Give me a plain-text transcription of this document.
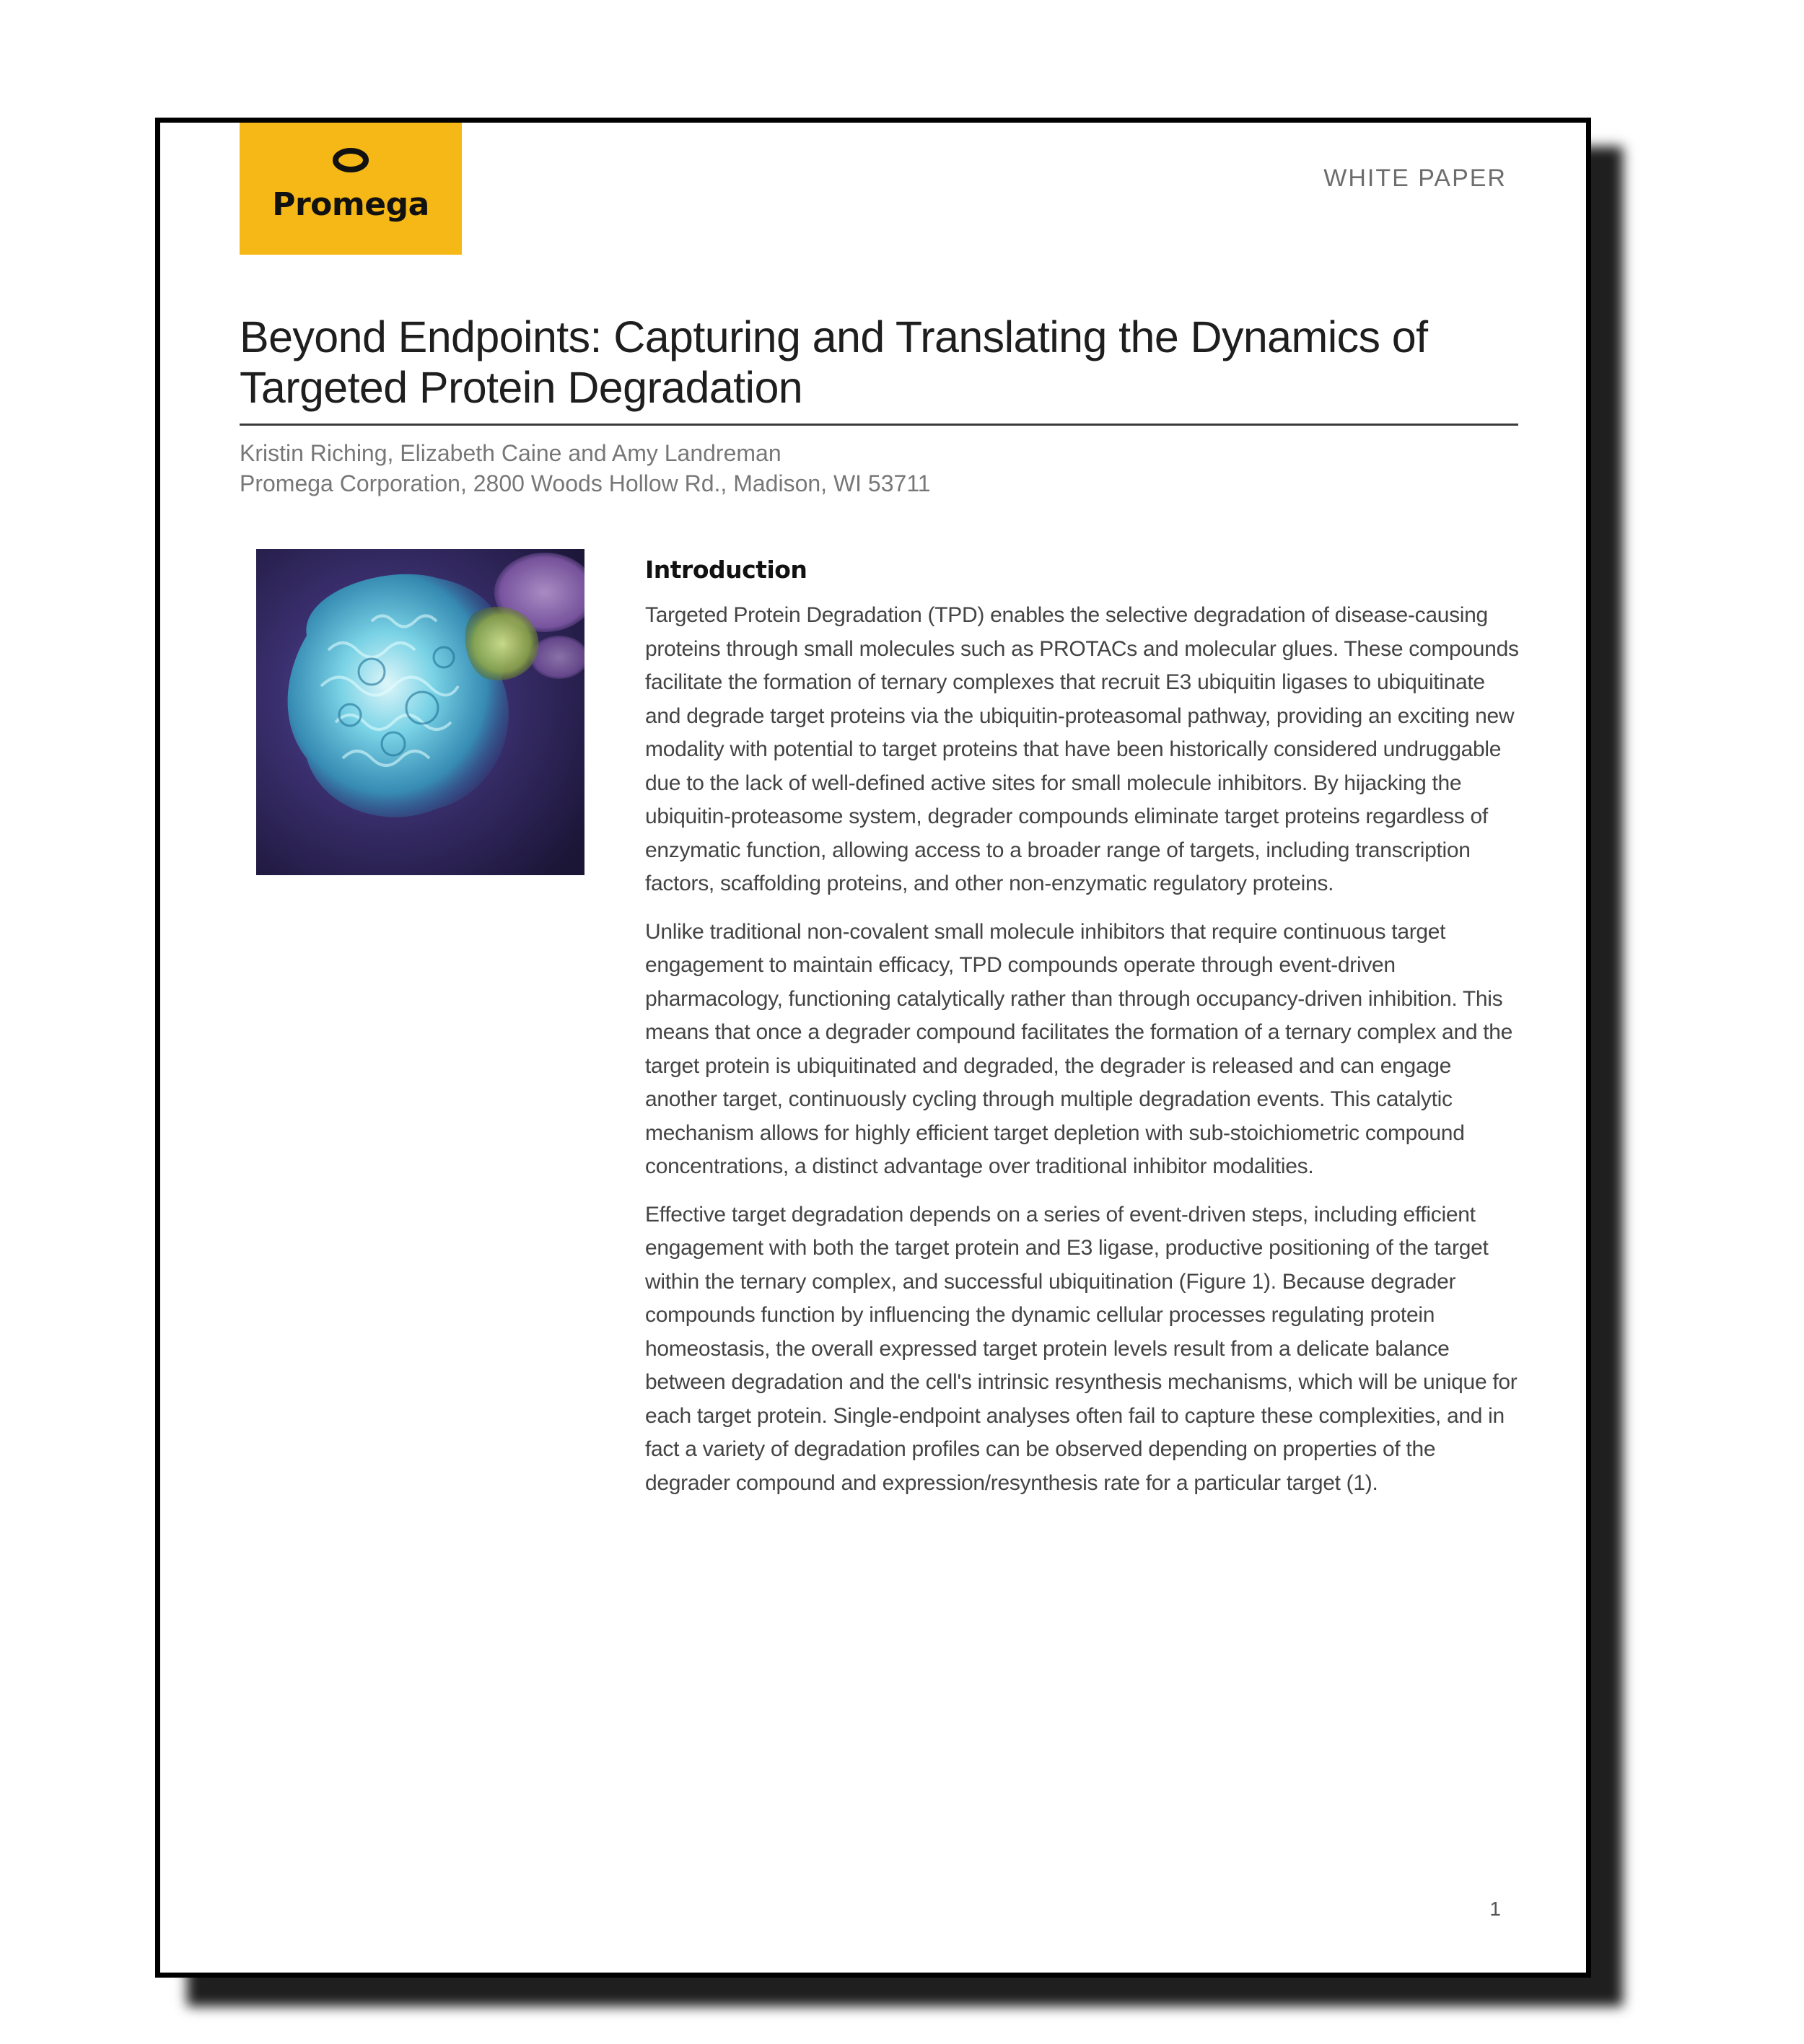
Promega
WHITE PAPER
Beyond Endpoints: Capturing and Translating the Dynamics of Targeted Protein Degradation
Kristin Riching, Elizabeth Caine and Amy Landreman
Promega Corporation, 2800 Woods Hollow Rd., Madison, WI 53711
Introduction

Targeted Protein Degradation (TPD) enables the selective degradation of disease-causing proteins through small molecules such as PROTACs and molecular glues. These compounds facilitate the formation of ternary complexes that recruit E3 ubiquitin ligases to ubiquitinate and degrade target proteins via the ubiquitin-proteasomal pathway, providing an exciting new modality with potential to target proteins that have been historically considered undruggable due to the lack of well-defined active sites for small molecule inhibitors. By hijacking the ubiquitin-proteasome system, degrader compounds eliminate target proteins regardless of enzymatic function, allowing access to a broader range of targets, including transcription factors, scaffolding proteins, and other non-enzymatic regulatory proteins.

Unlike traditional non-covalent small molecule inhibitors that require continuous target engagement to maintain efficacy, TPD compounds operate through event-driven pharmacology, functioning catalytically rather than through occupancy-driven inhibition. This means that once a degrader compound facilitates the formation of a ternary complex and the target protein is ubiquitinated and degraded, the degrader is released and can engage another target, continuously cycling through multiple degradation events. This catalytic mechanism allows for highly efficient target depletion with sub-stoichiometric compound concentrations, a distinct advantage over traditional inhibitor modalities.

Effective target degradation depends on a series of event-driven steps, including efficient engagement with both the target protein and E3 ligase, productive positioning of the target within the ternary complex, and successful ubiquitination (Figure 1). Because degrader compounds function by influencing the dynamic cellular processes regulating protein homeostasis, the overall expressed target protein levels result from a delicate balance between degradation and the cell's intrinsic resynthesis mechanisms, which will be unique for each target protein. Single-endpoint analyses often fail to capture these complexities, and in fact a variety of degradation profiles can be observed depending on properties of the degrader compound and expression/resynthesis rate for a particular target (1).

1
